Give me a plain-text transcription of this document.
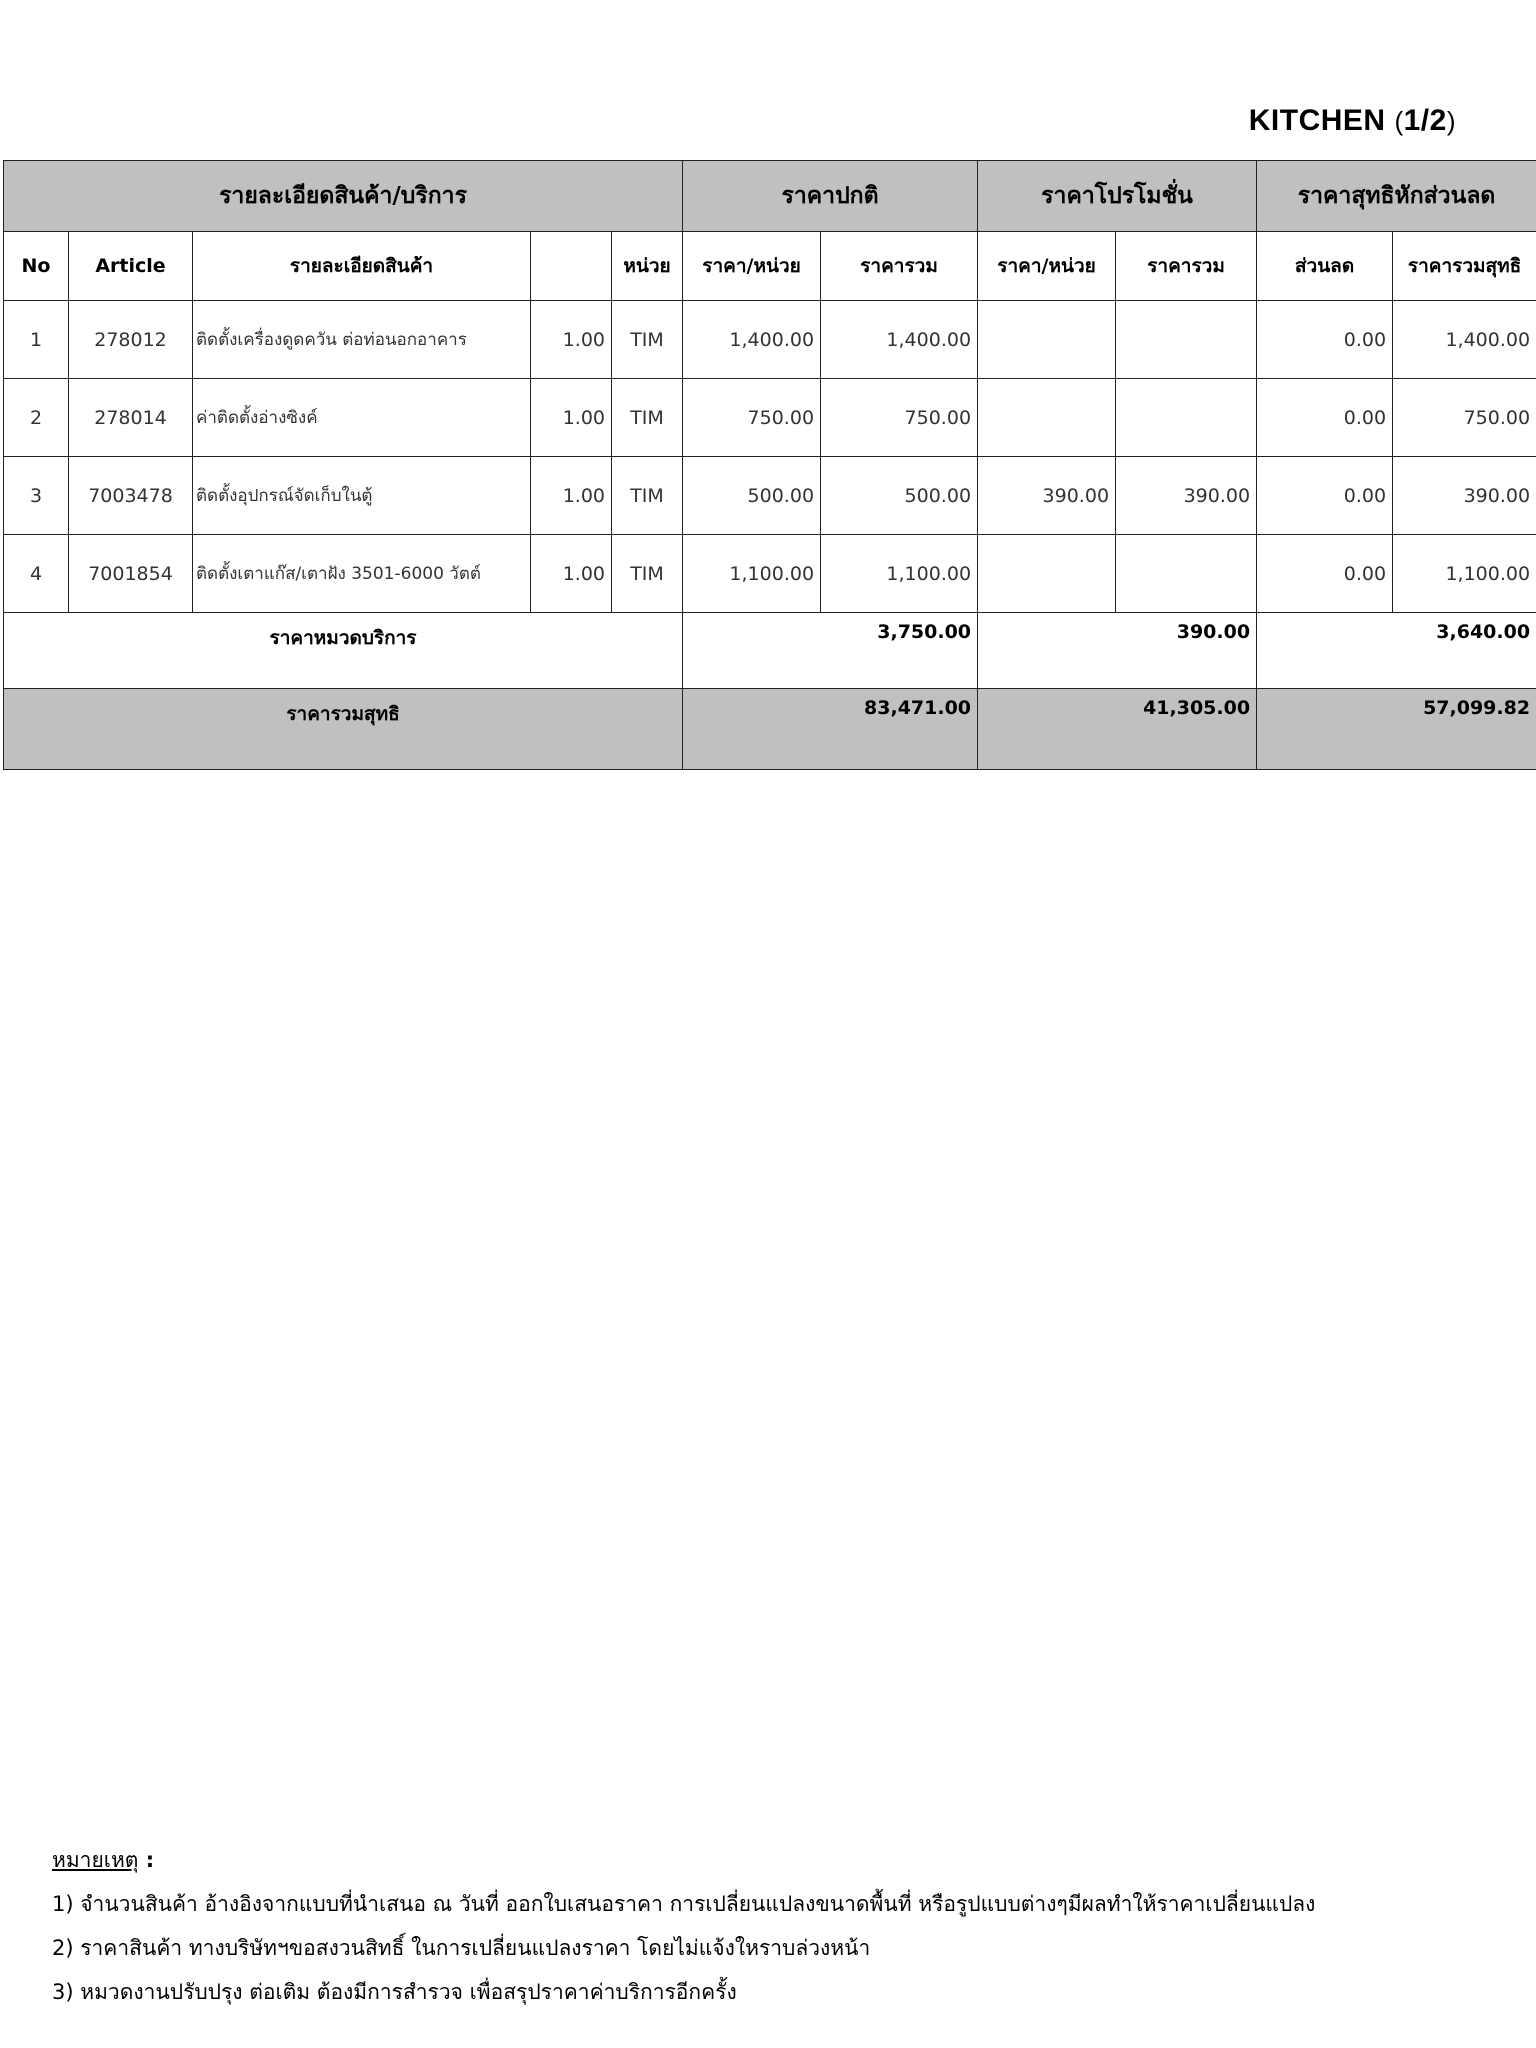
KITCHEN (1/2)
รายละเอียดสินค้า/บริการ					ราคาปกติ		ราคาโปรโมชั่น		ราคาสุทธิหักส่วนลด	
No	Article	รายละเอียดสินค้า		หน่วย	ราคา/หน่วย	ราคารวม	ราคา/หน่วย	ราคารวม	ส่วนลด	ราคารวมสุทธิ
1	278012	ติดตั้งเครื่องดูดควัน ต่อท่อนอกอาคาร	1.00	TIM	1,400.00	1,400.00			0.00	1,400.00
2	278014	ค่าติดตั้งอ่างซิงค์	1.00	TIM	750.00	750.00			0.00	750.00
3	7003478	ติดตั้งอุปกรณ์จัดเก็บในตู้	1.00	TIM	500.00	500.00	390.00	390.00	0.00	390.00
4	7001854	ติดตั้งเตาแก๊ส/เตาฝัง 3501-6000 วัตต์	1.00	TIM	1,100.00	1,100.00			0.00	1,100.00
ราคาหมวดบริการ					3,750.00		390.00		3,640.00	
ราคารวมสุทธิ					83,471.00		41,305.00		57,099.82	
หมายเหตุ :
1) จำนวนสินค้า อ้างอิงจากแบบที่นำเสนอ ณ วันที่ ออกใบเสนอราคา การเปลี่ยนแปลงขนาดพื้นที่ หรือรูปแบบต่างๆมีผลทำให้ราคาเปลี่ยนแปลง
2) ราคาสินค้า ทางบริษัทฯขอสงวนสิทธิ์ ในการเปลี่ยนแปลงราคา โดยไม่แจ้งใหราบล่วงหน้า
3) หมวดงานปรับปรุง ต่อเติม ต้องมีการสำรวจ เพื่อสรุปราคาค่าบริการอีกครั้ง
